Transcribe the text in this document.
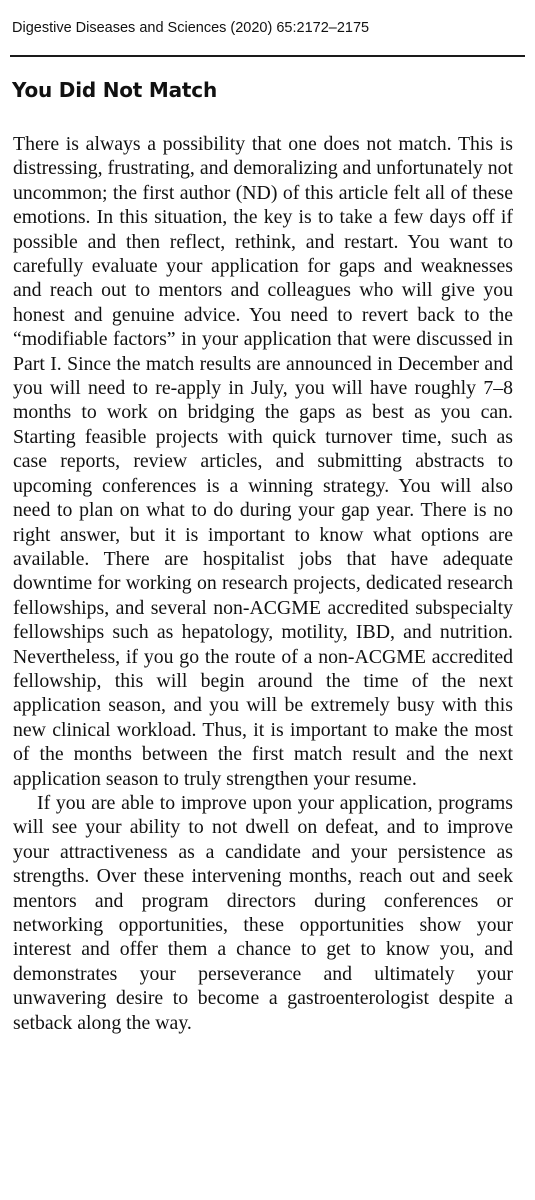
Digestive Diseases and Sciences (2020) 65:2172–2175
You Did Not Match

There is always a possibility that one does not match. This is distressing, frustrating, and demoralizing and unfortunately not uncommon; the first author (ND) of this article felt all of these emotions. In this situation, the key is to take a few days off if possible and then reflect, rethink, and restart. You want to carefully evaluate your application for gaps and weaknesses and reach out to mentors and colleagues who will give you honest and genuine advice. You need to revert back to the “modifiable factors” in your application that were discussed in Part I. Since the match results are announced in December and you will need to re-apply in July, you will have roughly 7–8 months to work on bridging the gaps as best as you can. Starting feasible projects with quick turnover time, such as case reports, review articles, and submitting abstracts to upcoming conferences is a winning strategy. You will also need to plan on what to do during your gap year. There is no right answer, but it is important to know what options are available. There are hospitalist jobs that have adequate downtime for working on research projects, dedicated research fellowships, and several non-ACGME accredited subspecialty fellowships such as hepatology, motility, IBD, and nutrition. Nevertheless, if you go the route of a non-ACGME accredited fellowship, this will begin around the time of the next application season, and you will be extremely busy with this new clinical workload. Thus, it is important to make the most of the months between the first match result and the next application season to truly strengthen your resume.

If you are able to improve upon your application, programs will see your ability to not dwell on defeat, and to improve your attractiveness as a candidate and your persistence as strengths. Over these intervening months, reach out and seek mentors and program directors during conferences or networking opportunities, these opportunities show your interest and offer them a chance to get to know you, and demonstrates your perseverance and ultimately your unwavering desire to become a gastroenterologist despite a setback along the way.
